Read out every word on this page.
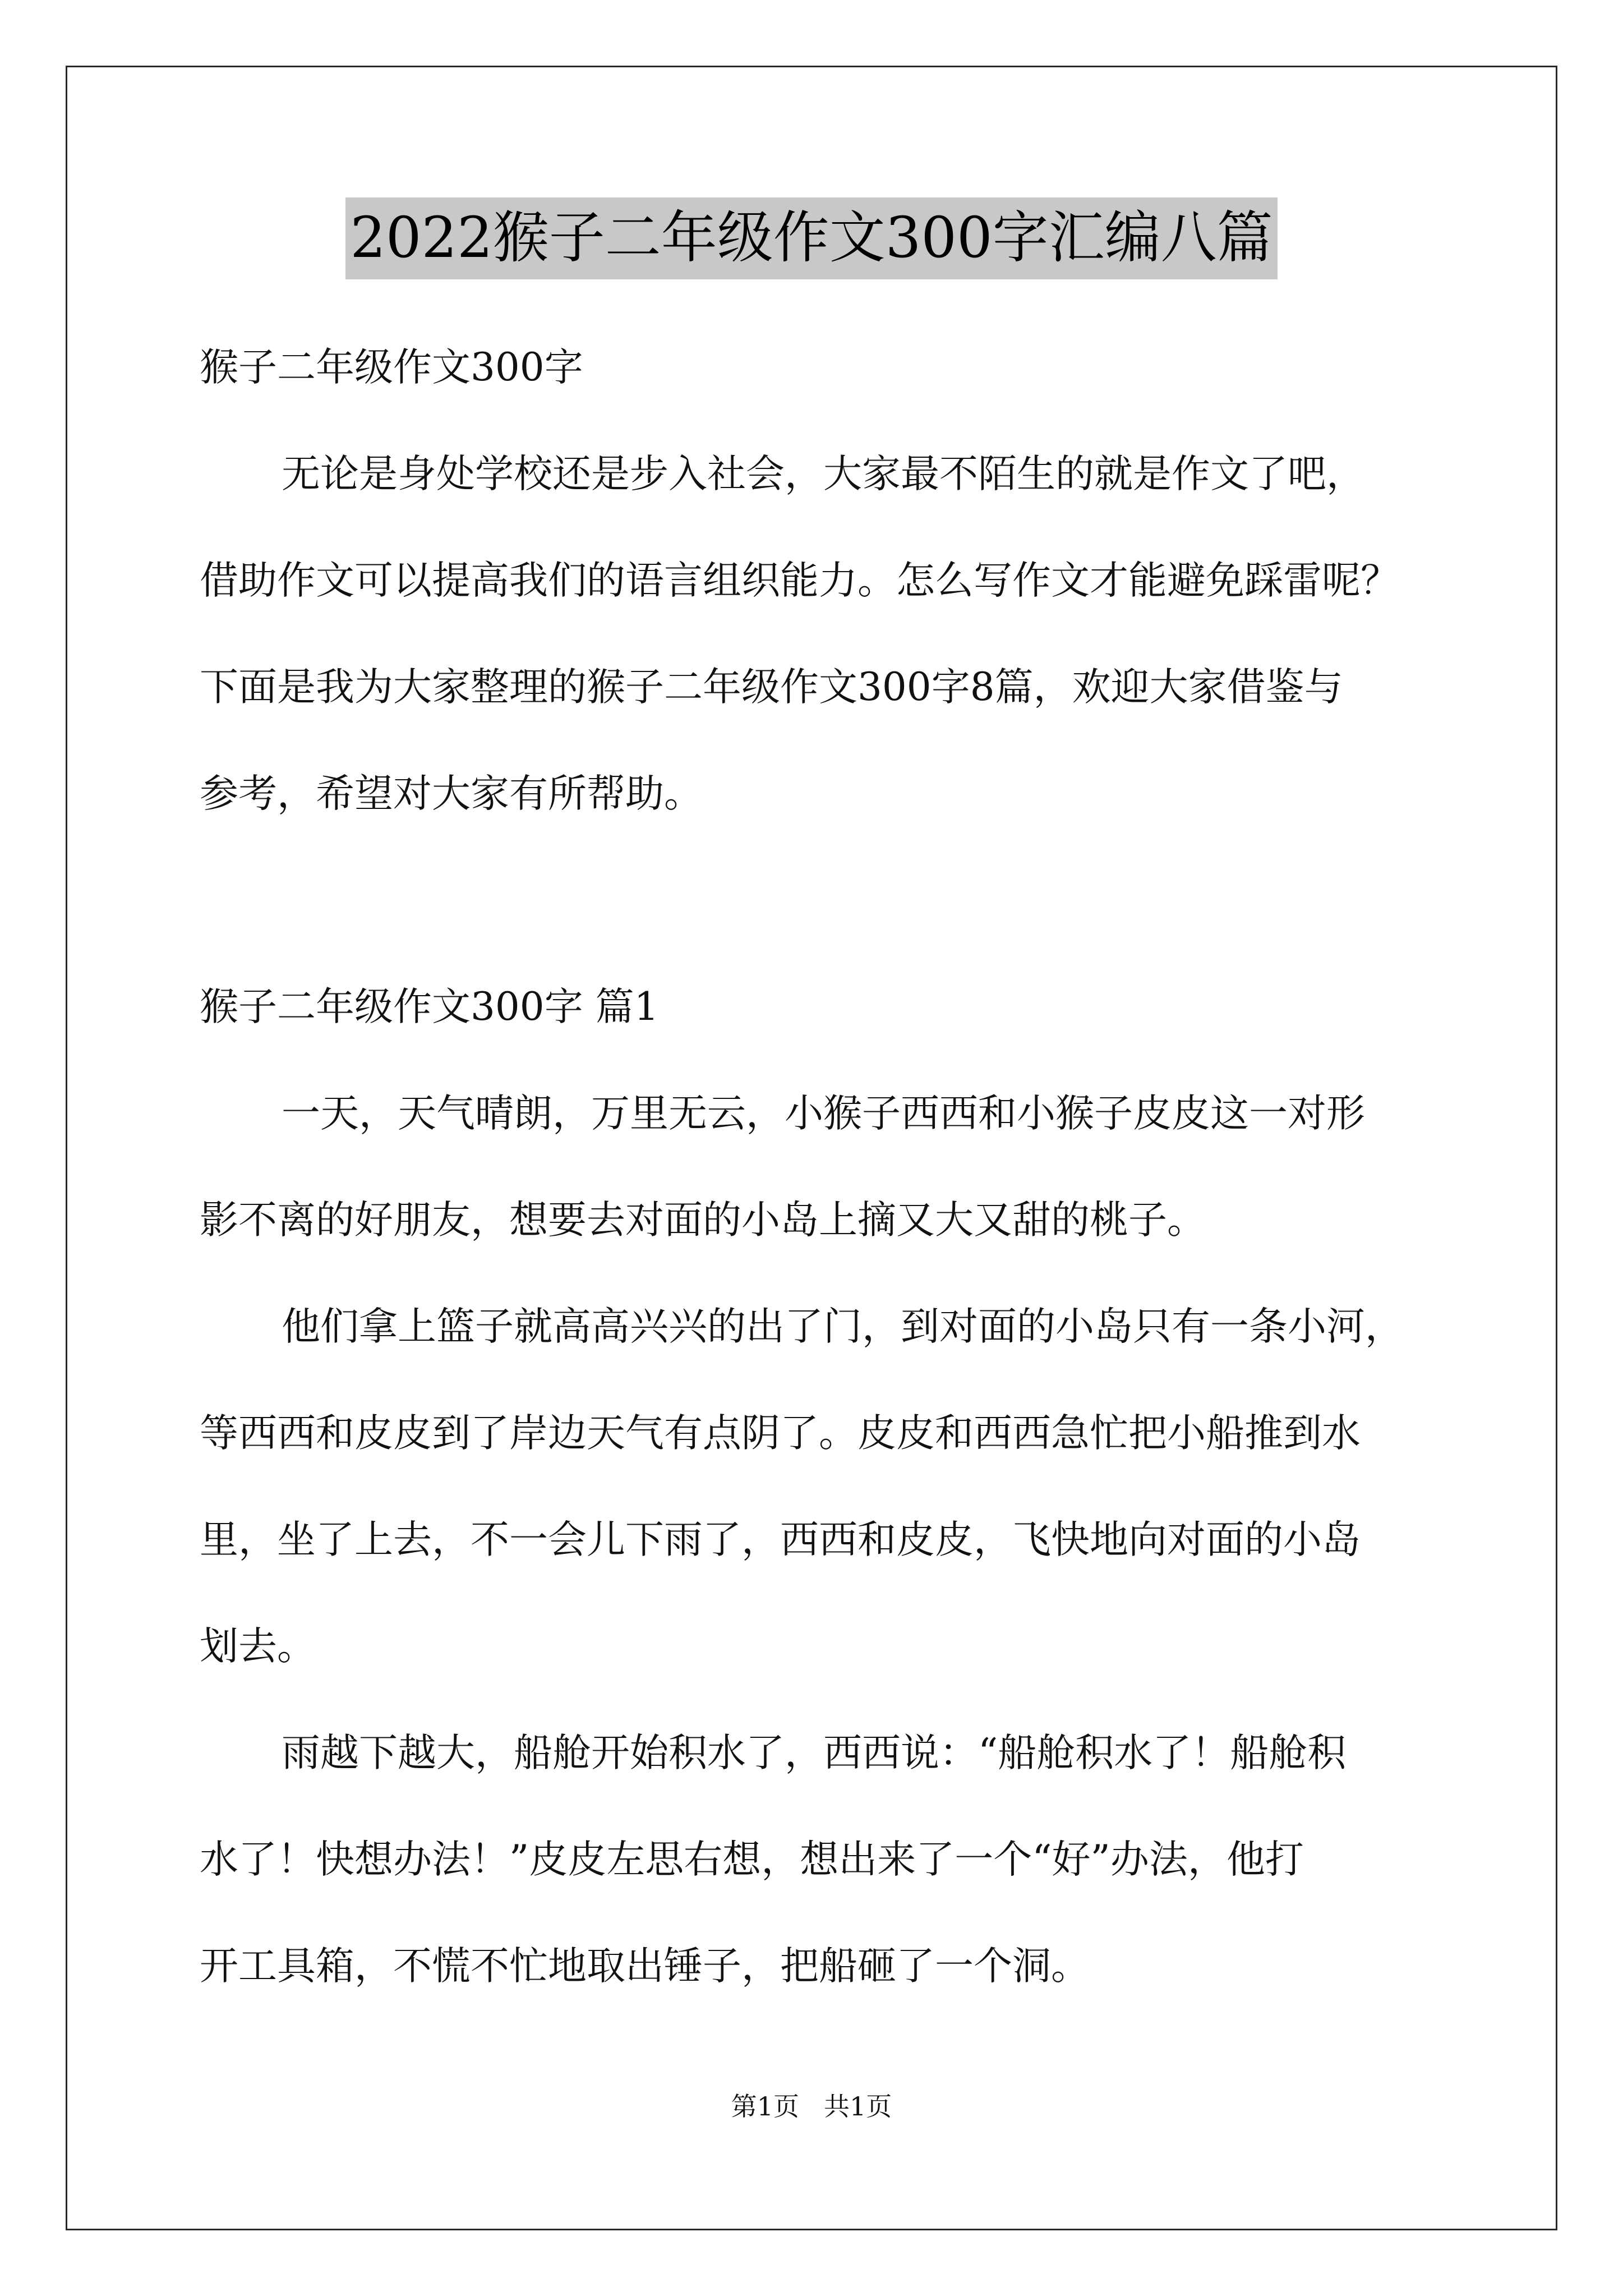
2022猴子二年级作文300字汇编八篇
猴子二年级作文300字
无论是身处学校还是步入社会，大家最不陌生的就是作文了吧，
借助作文可以提高我们的语言组织能力。怎么写作文才能避免踩雷呢？
下面是我为大家整理的猴子二年级作文300字8篇，欢迎大家借鉴与
参考，希望对大家有所帮助。
猴子二年级作文300字 篇1
一天，天气晴朗，万里无云，小猴子西西和小猴子皮皮这一对形
影不离的好朋友，想要去对面的小岛上摘又大又甜的桃子。
他们拿上篮子就高高兴兴的出了门，到对面的小岛只有一条小河，
等西西和皮皮到了岸边天气有点阴了。皮皮和西西急忙把小船推到水
里，坐了上去，不一会儿下雨了，西西和皮皮，飞快地向对面的小岛
划去。
雨越下越大，船舱开始积水了，西西说：“船舱积水了！船舱积
水了！快想办法！”皮皮左思右想，想出来了一个“好”办法，他打
开工具箱，不慌不忙地取出锤子，把船砸了一个洞。
第1页 共1页
